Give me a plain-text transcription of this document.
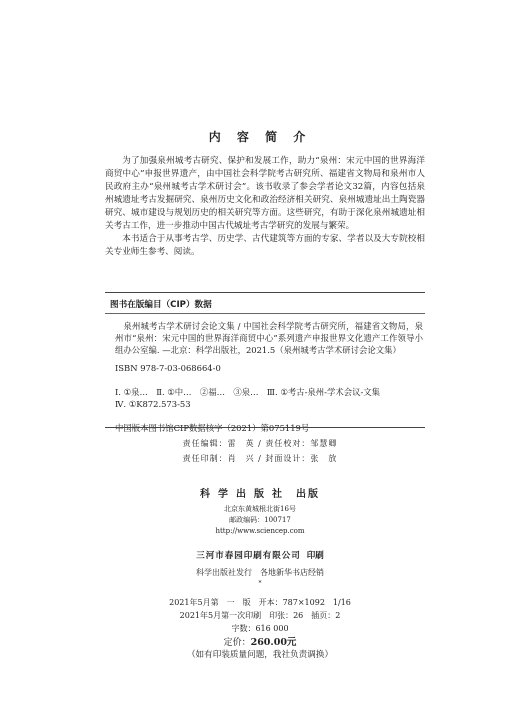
内 容 简 介

为了加强泉州城考古研究、保护和发展工作，助力“泉州：宋元中国的世界海洋商贸中心”申报世界遗产，由中国社会科学院考古研究所、福建省文物局和泉州市人民政府主办“泉州城考古学术研讨会”。该书收录了参会学者论文32篇，内容包括泉州城遗址考古发掘研究、泉州历史文化和政治经济相关研究、泉州城遗址出土陶瓷器研究、城市建设与规划历史的相关研究等方面。这些研究，有助于深化泉州城遗址相关考古工作，进一步推动中国古代城址考古学研究的发展与繁荣。

本书适合于从事考古学、历史学、古代建筑等方面的专家、学者以及大专院校相关专业师生参考、阅读。

图书在版编目（CIP）数据

泉州城考古学术研讨会论文集 / 中国社会科学院考古研究所，福建省文物局，泉州市“泉州：宋元中国的世界海洋商贸中心”系列遗产申报世界文化遗产工作领导小组办公室编. —北京：科学出版社，2021.5（泉州城考古学术研讨会论文集）

ISBN 978-7-03-068664-0

Ⅰ. ①泉…　Ⅱ. ①中…　②福…　③泉…　Ⅲ. ①考古-泉州-学术会议-文集
Ⅳ. ①K872.573-53

中国版本图书馆CIP数据核字（2021）第075119号

责任编辑：雷　英 / 责任校对：邹慧卿
责任印制：肖　兴 / 封面设计：张　放
科学出版社 出版
北京东黄城根北街16号
邮政编码：100717
http://www.sciencep.com
三河市春园印刷有限公司 印刷
科学出版社发行　各地新华书店经销
*
2021年5月第　一　版　开本：787×1092　1/16
2021年5月第一次印刷　印张：26　插页：2
字数：616 000
定价：260.00元
（如有印装质量问题，我社负责调换）
